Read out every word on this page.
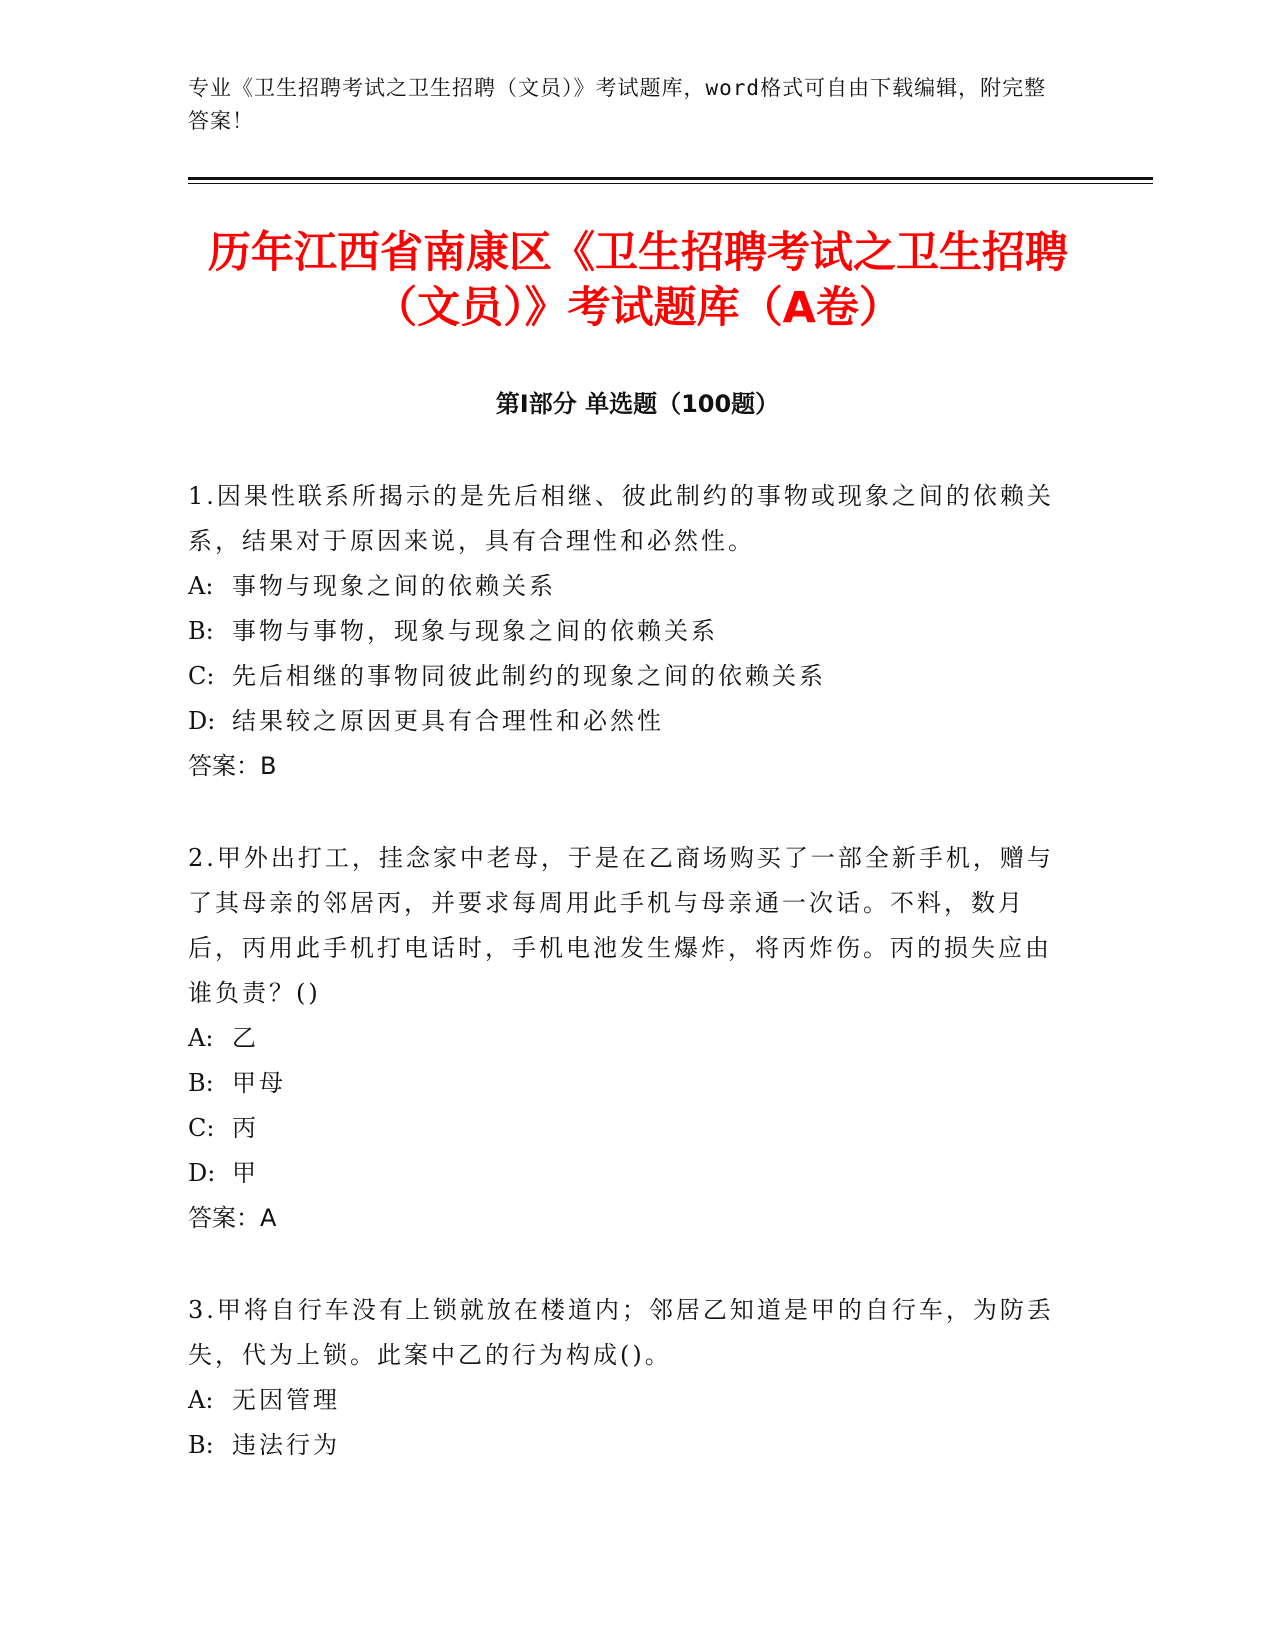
专业《卫生招聘考试之卫生招聘（文员）》考试题库，word格式可自由下载编辑，附完整答案！
历年江西省南康区《卫生招聘考试之卫生招聘（文员）》考试题库（A卷）
第I部分 单选题（100题）
1.因果性联系所揭示的是先后相继、彼此制约的事物或现象之间的依赖关系，结果对于原因来说，具有合理性和必然性。
A: 事物与现象之间的依赖关系
B: 事物与事物，现象与现象之间的依赖关系
C: 先后相继的事物同彼此制约的现象之间的依赖关系
D: 结果较之原因更具有合理性和必然性
答案：B
2.甲外出打工，挂念家中老母，于是在乙商场购买了一部全新手机，赠与了其母亲的邻居丙，并要求每周用此手机与母亲通一次话。不料，数月后，丙用此手机打电话时，手机电池发生爆炸，将丙炸伤。丙的损失应由谁负责？()
A: 乙
B: 甲母
C: 丙
D: 甲
答案：A
3.甲将自行车没有上锁就放在楼道内；邻居乙知道是甲的自行车，为防丢失，代为上锁。此案中乙的行为构成()。
A: 无因管理
B: 违法行为
